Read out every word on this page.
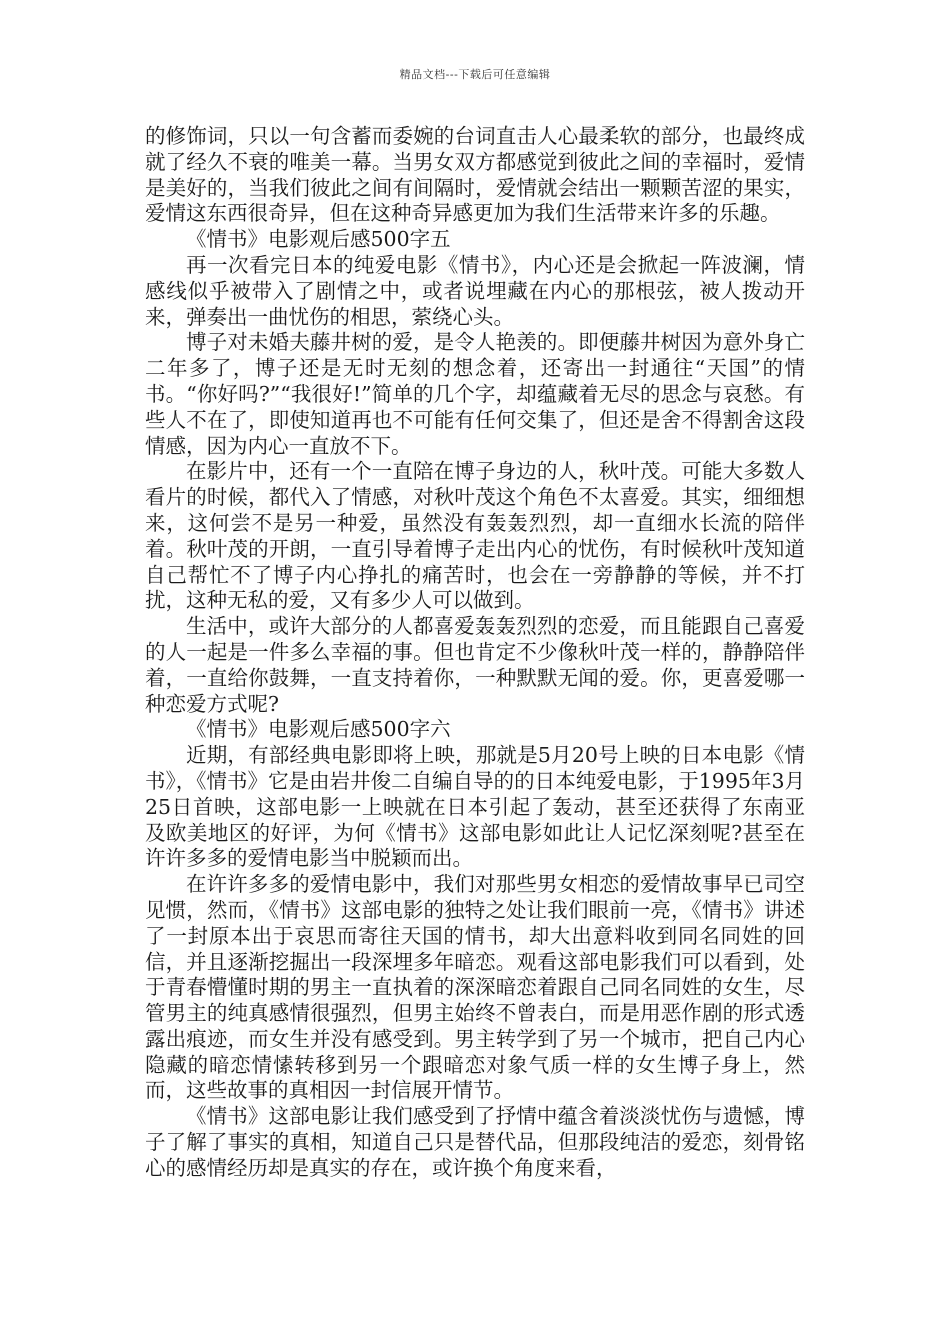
精品文档---下载后可任意编辑

的修饰词，只以一句含蓄而委婉的台词直击人心最柔软的部分，也最终成就了经久不衰的唯美一幕。当男女双方都感觉到彼此之间的幸福时，爱情是美好的，当我们彼此之间有间隔时，爱情就会结出一颗颗苦涩的果实，爱情这东西很奇异，但在这种奇异感更加为我们生活带来许多的乐趣。

《情书》电影观后感500字五

再一次看完日本的纯爱电影《情书》，内心还是会掀起一阵波澜，情感线似乎被带入了剧情之中，或者说埋藏在内心的那根弦，被人拨动开来，弹奏出一曲忧伤的相思，萦绕心头。

博子对未婚夫藤井树的爱，是令人艳羡的。即便藤井树因为意外身亡二年多了，博子还是无时无刻的想念着，还寄出一封通往“天国”的情书。“你好吗?”“我很好!”简单的几个字，却蕴藏着无尽的思念与哀愁。有些人不在了，即使知道再也不可能有任何交集了，但还是舍不得割舍这段情感，因为内心一直放不下。

在影片中，还有一个一直陪在博子身边的人，秋叶茂。可能大多数人看片的时候，都代入了情感，对秋叶茂这个角色不太喜爱。其实，细细想来，这何尝不是另一种爱，虽然没有轰轰烈烈，却一直细水长流的陪伴着。秋叶茂的开朗，一直引导着博子走出内心的忧伤，有时候秋叶茂知道自己帮忙不了博子内心挣扎的痛苦时，也会在一旁静静的等候，并不打扰，这种无私的爱，又有多少人可以做到。

生活中，或许大部分的人都喜爱轰轰烈烈的恋爱，而且能跟自己喜爱的人一起是一件多么幸福的事。但也肯定不少像秋叶茂一样的，静静陪伴着，一直给你鼓舞，一直支持着你，一种默默无闻的爱。你，更喜爱哪一种恋爱方式呢?

《情书》电影观后感500字六

近期，有部经典电影即将上映，那就是5月20号上映的日本电影《情书》，《情书》它是由岩井俊二自编自导的的日本纯爱电影，于1995年3月25日首映，这部电影一上映就在日本引起了轰动，甚至还获得了东南亚及欧美地区的好评，为何《情书》这部电影如此让人记忆深刻呢?甚至在许许多多的爱情电影当中脱颖而出。

在许许多多的爱情电影中，我们对那些男女相恋的爱情故事早已司空见惯，然而，《情书》这部电影的独特之处让我们眼前一亮，《情书》讲述了一封原本出于哀思而寄往天国的情书，却大出意料收到同名同姓的回信，并且逐渐挖掘出一段深埋多年暗恋。观看这部电影我们可以看到，处于青春懵懂时期的男主一直执着的深深暗恋着跟自己同名同姓的女生，尽管男主的纯真感情很强烈，但男主始终不曾表白，而是用恶作剧的形式透露出痕迹，而女生并没有感受到。男主转学到了另一个城市，把自己内心隐藏的暗恋情愫转移到另一个跟暗恋对象气质一样的女生博子身上，然而，这些故事的真相因一封信展开情节。

《情书》这部电影让我们感受到了抒情中蕴含着淡淡忧伤与遗憾，博子了解了事实的真相，知道自己只是替代品，但那段纯洁的爱恋，刻骨铭心的感情经历却是真实的存在，或许换个角度来看，
